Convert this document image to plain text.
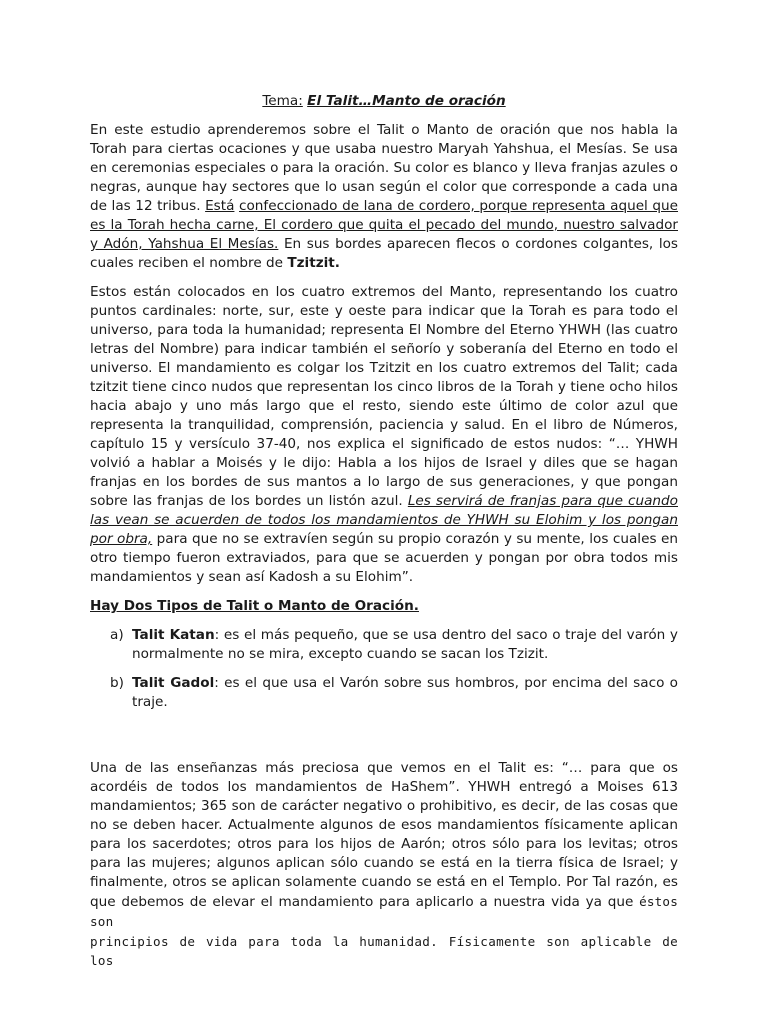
Tema: El Talit…Manto de oración

En este estudio aprenderemos sobre el Talit o Manto de oración que nos habla la Torah para ciertas ocaciones y que usaba nuestro Maryah Yahshua, el Mesías. Se usa en ceremonias especiales o para la oración. Su color es blanco y lleva franjas azules o negras, aunque hay sectores que lo usan según el color que corresponde a cada una de las 12 tribus. Está confeccionado de lana de cordero, porque representa aquel que es la Torah hecha carne, El cordero que quita el pecado del mundo, nuestro salvador y Adón, Yahshua El Mesías. En sus bordes aparecen flecos o cordones colgantes, los cuales reciben el nombre de Tzitzit.

Estos están colocados en los cuatro extremos del Manto, representando los cuatro puntos cardinales: norte, sur, este y oeste para indicar que la Torah es para todo el universo, para toda la humanidad; representa El Nombre del Eterno YHWH (las cuatro letras del Nombre) para indicar también el señorío y soberanía del Eterno en todo el universo. El mandamiento es colgar los Tzitzit en los cuatro extremos del Talit; cada tzitzit tiene cinco nudos que representan los cinco libros de la Torah y tiene ocho hilos hacia abajo y uno más largo que el resto, siendo este último de color azul que representa la tranquilidad, comprensión, paciencia y salud. En el libro de Números, capítulo 15 y versículo 37-40, nos explica el significado de estos nudos: “… YHWH volvió a hablar a Moisés y le dijo: Habla a los hijos de Israel y diles que se hagan franjas en los bordes de sus mantos a lo largo de sus generaciones, y que pongan sobre las franjas de los bordes un listón azul. Les servirá de franjas para que cuando las vean se acuerden de todos los mandamientos de YHWH su Elohim y los pongan por obra, para que no se extravíen según su propio corazón y su mente, los cuales en otro tiempo fueron extraviados, para que se acuerden y pongan por obra todos mis mandamientos y sean así Kadosh a su Elohim”.

Hay Dos Tipos de Talit o Manto de Oración.

a) Talit Katan: es el más pequeño, que se usa dentro del saco o traje del varón y normalmente no se mira, excepto cuando se sacan los Tzizit.
b) Talit Gadol: es el que usa el Varón sobre sus hombros, por encima del saco o traje.

Una de las enseñanzas más preciosa que vemos en el Talit es: “… para que os acordéis de todos los mandamientos de HaShem”. YHWH entregó a Moises 613 mandamientos; 365 son de carácter negativo o prohibitivo, es decir, de las cosas que no se deben hacer. Actualmente algunos de esos mandamientos físicamente aplican para los sacerdotes; otros para los hijos de Aarón; otros sólo para los levitas; otros para las mujeres; algunos aplican sólo cuando se está en la tierra física de Israel; y finalmente, otros se aplican solamente cuando se está en el Templo. Por Tal razón, es que debemos de elevar el mandamiento para aplicarlo a nuestra vida ya que éstos son

principios de vida para toda la humanidad. Físicamente son aplicable de los
